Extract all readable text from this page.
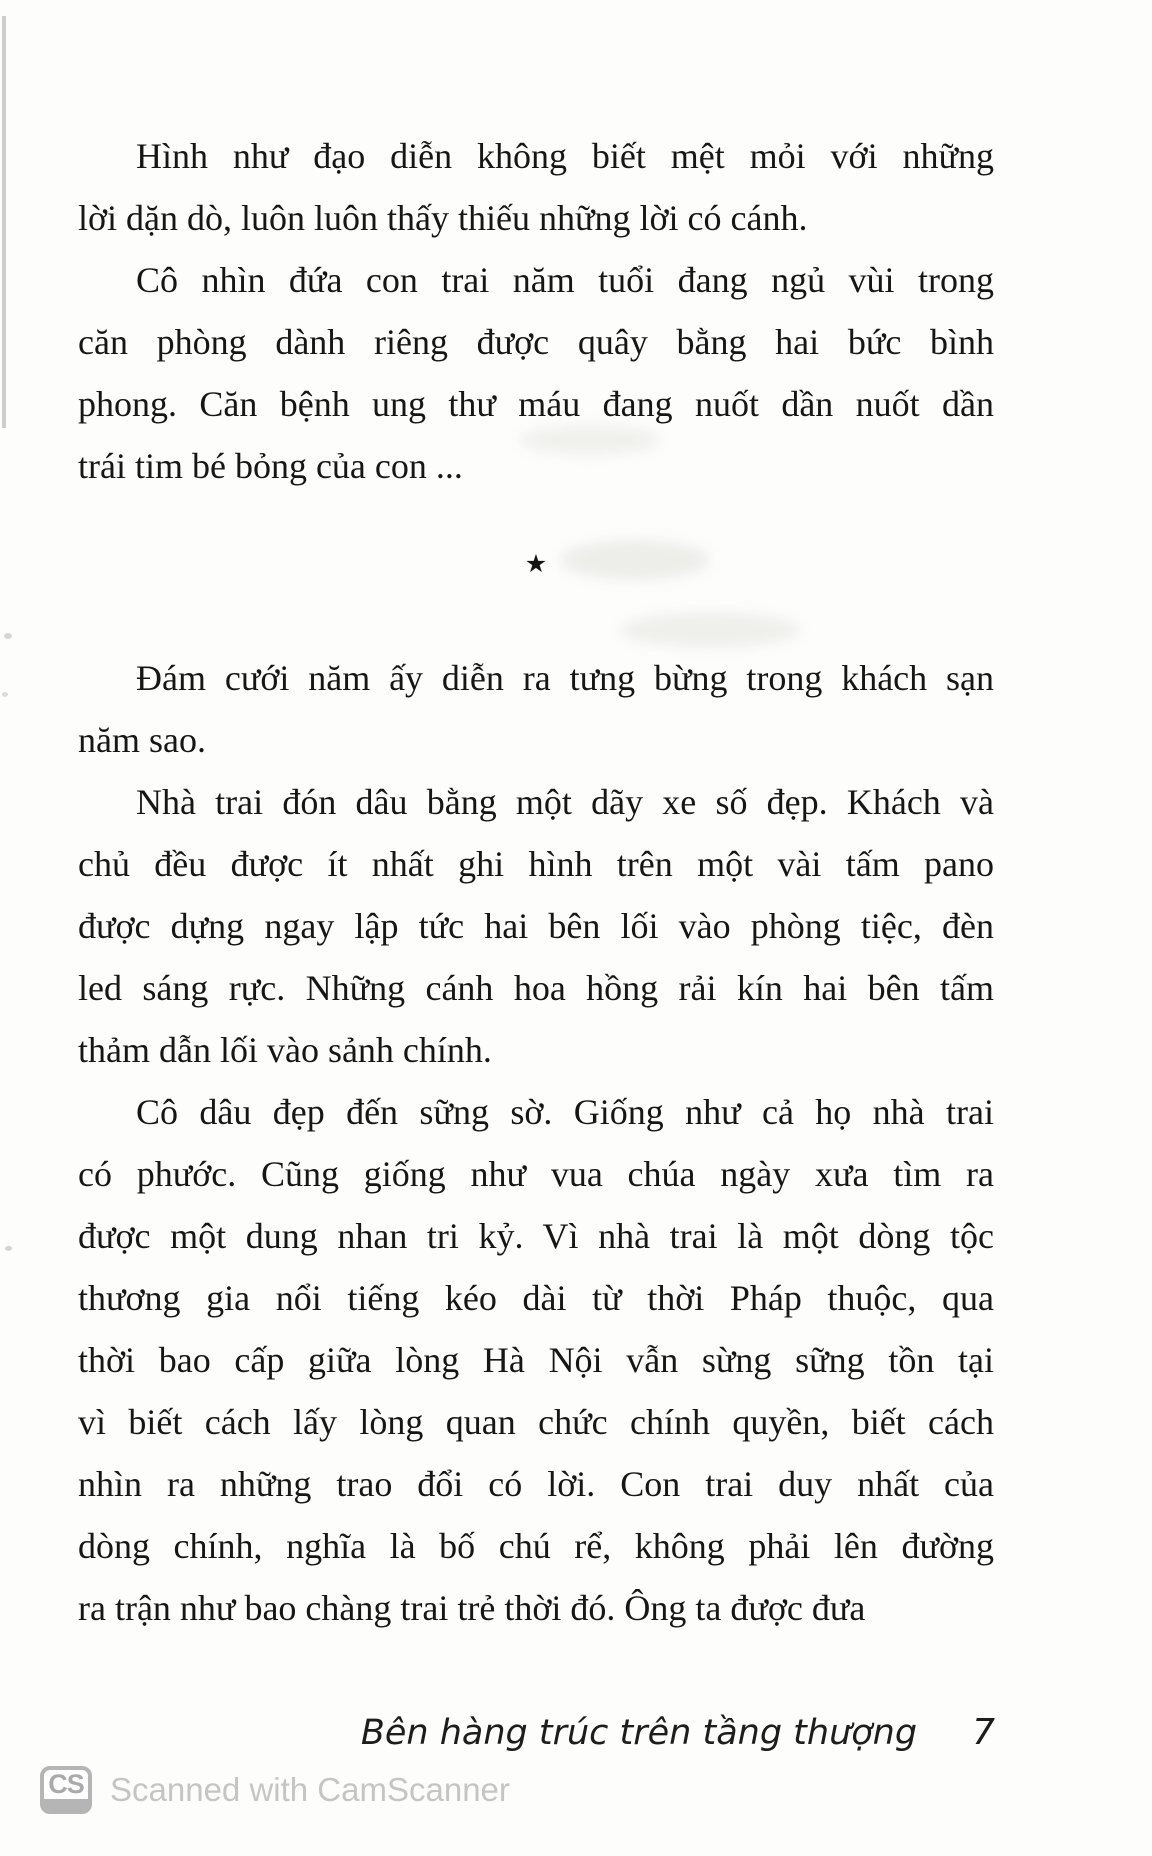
Hình như đạo diễn không biết mệt mỏi với những
lời dặn dò, luôn luôn thấy thiếu những lời có cánh.
Cô nhìn đứa con trai năm tuổi đang ngủ vùi trong
căn phòng dành riêng được quây bằng hai bức bình
phong. Căn bệnh ung thư máu đang nuốt dần nuốt dần
trái tim bé bỏng của con ...
★
Đám cưới năm ấy diễn ra tưng bừng trong khách sạn
năm sao.
Nhà trai đón dâu bằng một dãy xe số đẹp. Khách và
chủ đều được ít nhất ghi hình trên một vài tấm pano
được dựng ngay lập tức hai bên lối vào phòng tiệc, đèn
led sáng rực. Những cánh hoa hồng rải kín hai bên tấm
thảm dẫn lối vào sảnh chính.
Cô dâu đẹp đến sững sờ. Giống như cả họ nhà trai
có phước. Cũng giống như vua chúa ngày xưa tìm ra
được một dung nhan tri kỷ. Vì nhà trai là một dòng tộc
thương gia nổi tiếng kéo dài từ thời Pháp thuộc, qua
thời bao cấp giữa lòng Hà Nội vẫn sừng sững tồn tại
vì biết cách lấy lòng quan chức chính quyền, biết cách
nhìn ra những trao đổi có lời. Con trai duy nhất của
dòng chính, nghĩa là bố chú rể, không phải lên đường
ra trận như bao chàng trai trẻ thời đó. Ông ta được đưa
Bên hàng trúc trên tầng thượng 7
CS Scanned with CamScanner
